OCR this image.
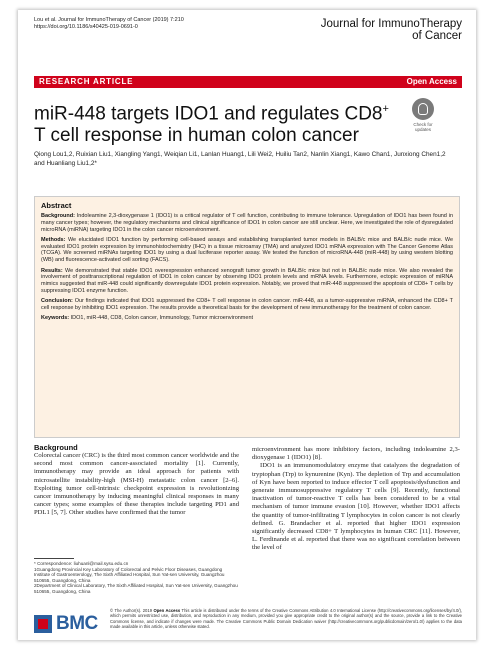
Lou et al. Journal for ImmunoTherapy of Cancer (2019) 7:210
https://doi.org/10.1186/s40425-019-0691-0	Journal for ImmunoTherapy
of Cancer
RESEARCH ARTICLE	Open Access
miR-448 targets IDO1 and regulates CD8+ T cell response in human colon cancer
Check for updates
Qiong Lou1,2, Ruixian Liu1, Xiangling Yang1, Weiqian Li1, Lanlan Huang1, Lili Wei2, Huiliu Tan2, Nanlin Xiang1, Kawo Chan1, Junxiong Chen1,2 and Huanliang Liu1,2*
Abstract

Background: Indoleamine 2,3-dioxygenase 1 (IDO1) is a critical regulator of T cell function, contributing to immune tolerance. Upregulation of IDO1 has been found in many cancer types; however, the regulatory mechanisms and clinical significance of IDO1 in colon cancer are still unclear. Here, we investigated the role of dysregulated microRNA (miRNA) targeting IDO1 in the colon cancer microenvironment.

Methods: We elucidated IDO1 function by performing cell-based assays and establishing transplanted tumor models in BALB/c mice and BALB/c nude mice. We evaluated IDO1 protein expression by immunohistochemistry (IHC) in a tissue microarray (TMA) and analyzed IDO1 mRNA expression with The Cancer Genome Atlas (TCGA). We screened miRNAs targeting IDO1 by using a dual luciferase reporter assay. We tested the function of microRNA-448 (miR-448) by using western blotting (WB) and fluorescence-activated cell sorting (FACS).

Results: We demonstrated that stable IDO1 overexpression enhanced xenograft tumor growth in BALB/c mice but not in BALB/c nude mice. We also revealed the involvement of posttranscriptional regulation of IDO1 in colon cancer by observing IDO1 protein levels and mRNA levels. Furthermore, ectopic expression of miRNA mimics suggested that miR-448 could significantly downregulate IDO1 protein expression. Notably, we proved that miR-448 suppressed the apoptosis of CD8+ T cells by suppressing IDO1 enzyme function.

Conclusion: Our findings indicated that IDO1 suppressed the CD8+ T cell response in colon cancer. miR-448, as a tumor-suppressive miRNA, enhanced the CD8+ T cell response by inhibiting IDO1 expression. The results provide a theoretical basis for the development of new immunotherapy for the treatment of colon cancer.

Keywords: IDO1, miR-448, CD8, Colon cancer, Immunology, Tumor microenvironment

Background

Colorectal cancer (CRC) is the third most common cancer worldwide and the second most common cancer-associated mortality [1]. Currently, immunotherapy may provide an ideal approach for patients with microsatellite instability-high (MSI-H) metastatic colon cancer [2–6]. Exploiting tumor cell-intrinsic checkpoint expression is revolutionizing cancer immunotherapy by inducing meaningful clinical responses in many cancer types; some examples of these therapies include targeting PD1 and PDL1 [5, 7]. Other studies have confirmed that the tumor

microenvironment has more inhibitory factors, including indoleamine 2,3-dioxygenase 1 (IDO1) [8].

IDO1 is an immunomodulatory enzyme that catalyzes the degradation of tryptophan (Trp) to kynurenine (Kyn). The depletion of Trp and accumulation of Kyn have been reported to induce effector T cell apoptosis/dysfunction and generate immunosuppressive regulatory T cells [9]. Recently, functional inactivation of tumor-reactive T cells has been considered to be a vital mechanism of tumor immune evasion [10]. However, whether IDO1 affects the quantity of tumor-infiltrating T lymphocytes in colon cancer is not clearly defined. G. Brandacher et al. reported that higher IDO1 expression significantly decreased CD8+ T lymphocytes in human CRC [11]. However, L. Ferdinande et al. reported that there was no significant correlation between the level of

* Correspondence: liuhuanl@mail.sysu.edu.cn
1Guangdong Provincial Key Laboratory of Colorectal and Pelvic Floor Diseases, Guangdong Institute of Gastroenterology, The Sixth Affiliated Hospital, Sun Yat-sen University, Guangzhou 510655, Guangdong, China
2Department of Clinical Laboratory, The Sixth Affiliated Hospital, Sun Yat-sen University, Guangzhou 510655, Guangdong, China
BMC
© The Author(s). 2019 Open Access This article is distributed under the terms of the Creative Commons Attribution 4.0 International License (http://creativecommons.org/licenses/by/4.0/), which permits unrestricted use, distribution, and reproduction in any medium, provided you give appropriate credit to the original author(s) and the source, provide a link to the Creative Commons license, and indicate if changes were made. The Creative Commons Public Domain Dedication waiver (http://creativecommons.org/publicdomain/zero/1.0/) applies to the data made available in this article, unless otherwise stated.
